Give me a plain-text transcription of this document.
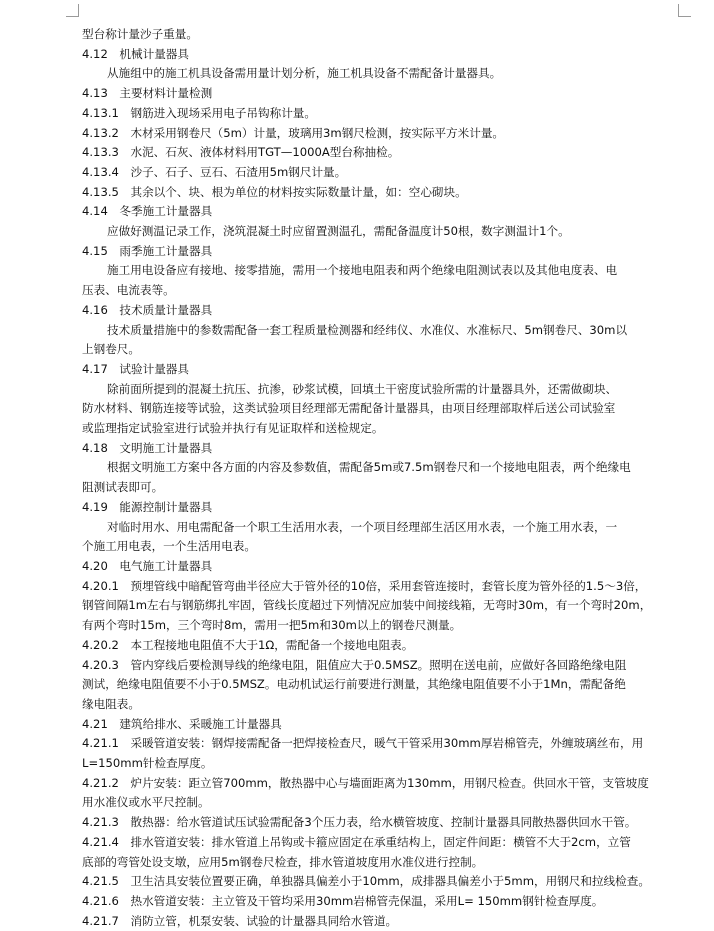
型台称计量沙子重量。
4.12　机械计量器具
从施组中的施工机具设备需用量计划分析，施工机具设备不需配备计量器具。
4.13　主要材料计量检测
4.13.1　钢筋进入现场采用电子吊钩称计量。
4.13.2　木材采用钢卷尺（5m）计量，玻璃用3m钢尺检测，按实际平方米计量。
4.13.3　水泥、石灰、液体材料用TGT—1000A型台称抽检。
4.13.4　沙子、石子、豆石、石渣用5m钢尺计量。
4.13.5　其余以个、块、根为单位的材料按实际数量计量，如：空心砌块。
4.14　冬季施工计量器具
应做好测温记录工作，浇筑混凝土时应留置测温孔，需配备温度计50根，数字测温计1个。
4.15　雨季施工计量器具
施工用电设备应有接地、接零措施，需用一个接地电阻表和两个绝缘电阻测试表以及其他电度表、电
压表、电流表等。
4.16　技术质量计量器具
技术质量措施中的参数需配备一套工程质量检测器和经纬仪、水准仪、水准标尺、5m钢卷尺、30m以
上钢卷尺。
4.17　试验计量器具
除前面所提到的混凝土抗压、抗渗，砂浆试模，回填土干密度试验所需的计量器具外，还需做砌块、
防水材料、钢筋连接等试验，这类试验项目经理部无需配备计量器具，由项目经理部取样后送公司试验室
或监理指定试验室进行试验并执行有见证取样和送检规定。
4.18　文明施工计量器具
根据文明施工方案中各方面的内容及参数值，需配备5m或7.5m钢卷尺和一个接地电阻表，两个绝缘电
阻测试表即可。
4.19　能源控制计量器具
对临时用水、用电需配备一个职工生活用水表，一个项目经理部生活区用水表，一个施工用水表，一
个施工用电表，一个生活用电表。
4.20　电气施工计量器具
4.20.1　预埋管线中暗配管弯曲半径应大于管外径的10倍，采用套管连接时，套管长度为管外径的1.5～3倍，
钢管间隔1m左右与钢筋绑扎牢固，管线长度超过下列情况应加装中间接线箱，无弯时30m，有一个弯时20m，
有两个弯时15m，三个弯时8m，需用一把5m和30m以上的钢卷尺测量。
4.20.2　本工程接地电阻值不大于1Ω，需配备一个接地电阻表。
4.20.3　管内穿线后要检测导线的绝缘电阻，阻值应大于0.5MSZ。照明在送电前，应做好各回路绝缘电阻
测试，绝缘电阻值要不小于0.5MSZ。电动机试运行前要进行测量，其绝缘电阻值要不小于1Mn，需配备绝
缘电阻表。
4.21　建筑给排水、采暖施工计量器具
4.21.1　采暖管道安装：钢焊接需配备一把焊接检查尺，暖气干管采用30mm厚岩棉管壳，外缠玻璃丝布，用
L=150mm针检查厚度。
4.21.2　炉片安装：距立管700mm，散热器中心与墙面距离为130mm，用钢尺检查。供回水干管，支管坡度
用水准仪或水平尺控制。
4.21.3　散热器：给水管道试压试验需配备3个压力表，给水横管坡度、控制计量器具同散热器供回水干管。
4.21.4　排水管道安装：排水管道上吊钩或卡箍应固定在承重结构上，固定件间距：横管不大于2cm，立管
底部的弯管处设支墩，应用5m钢卷尺检查，排水管道坡度用水准仪进行控制。
4.21.5　卫生洁具安装位置要正确，单独器具偏差小于10mm，成排器具偏差小于5mm，用钢尺和拉线检查。
4.21.6　热水管道安装：主立管及干管均采用30mm岩棉管壳保温，采用L= 150mm钢针检查厚度。
4.21.7　消防立管，机泵安装、试验的计量器具同给水管道。
